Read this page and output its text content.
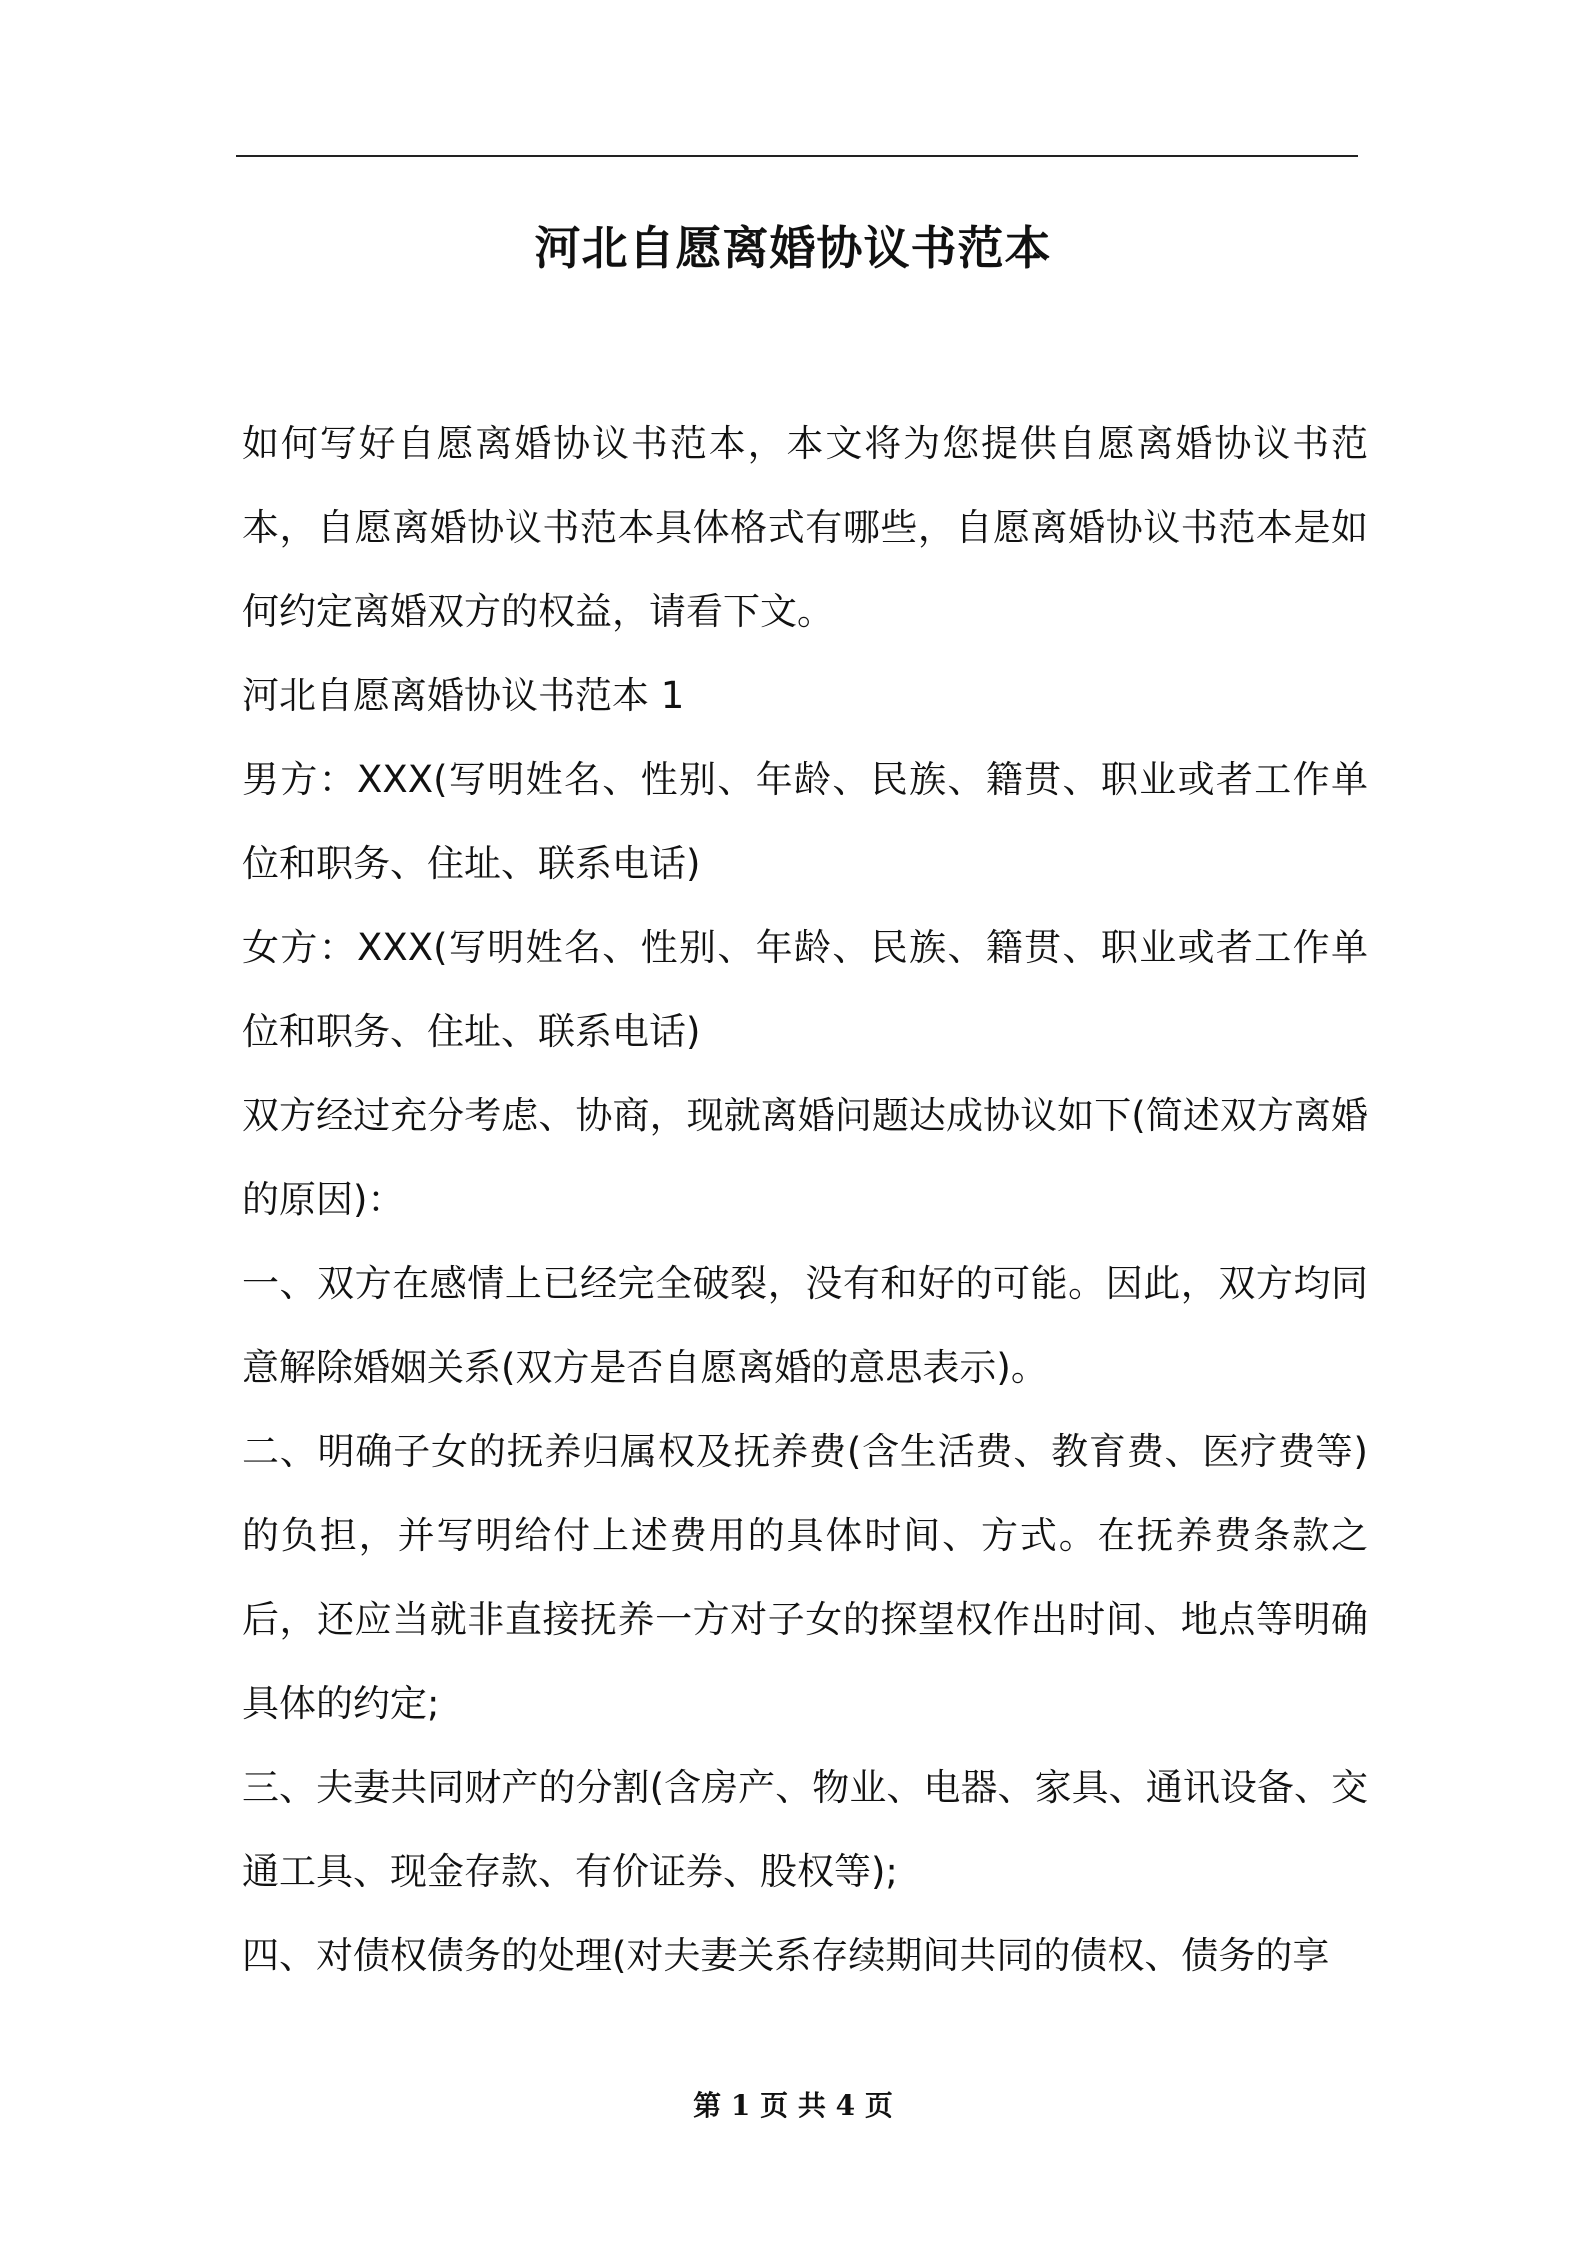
河北自愿离婚协议书范本

如何写好自愿离婚协议书范本，本文将为您提供自愿离婚协议书范本，自愿离婚协议书范本具体格式有哪些，自愿离婚协议书范本是如何约定离婚双方的权益，请看下文。

河北自愿离婚协议书范本 1

男方：XXX(写明姓名、性别、年龄、民族、籍贯、职业或者工作单位和职务、住址、联系电话)

女方：XXX(写明姓名、性别、年龄、民族、籍贯、职业或者工作单位和职务、住址、联系电话)

双方经过充分考虑、协商，现就离婚问题达成协议如下(简述双方离婚的原因)：

一、双方在感情上已经完全破裂，没有和好的可能。因此，双方均同意解除婚姻关系(双方是否自愿离婚的意思表示)。

二、明确子女的抚养归属权及抚养费(含生活费、教育费、医疗费等)的负担，并写明给付上述费用的具体时间、方式。在抚养费条款之后，还应当就非直接抚养一方对子女的探望权作出时间、地点等明确具体的约定;

三、夫妻共同财产的分割(含房产、物业、电器、家具、通讯设备、交通工具、现金存款、有价证券、股权等);

四、对债权债务的处理(对夫妻关系存续期间共同的债权、债务的享

第 1 页 共 4 页
